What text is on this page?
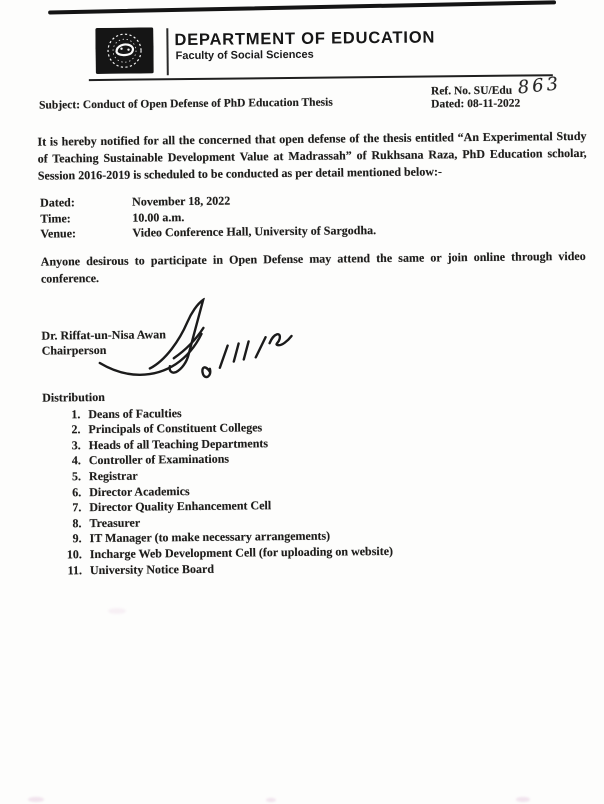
DEPARTMENT OF EDUCATION
Faculty of Social Sciences
Ref. No. SU/Edu 863
Dated: 08-11-2022
Subject: Conduct of Open Defense of PhD Education Thesis
It is hereby notified for all the concerned that open defense of the thesis entitled “An Experimental Study of Teaching Sustainable Development Value at Madrassah” of Rukhsana Raza, PhD Education scholar, Session 2016-2019 is scheduled to be conducted as per detail mentioned below:-
Dated:	November 18, 2022
Time:	10.00 a.m.
Venue:	Video Conference Hall, University of Sargodha.
Anyone desirous to participate in Open Defense may attend the same or join online through video conference.
Dr. Riffat-un-Nisa Awan
Chairperson
Distribution
1. Deans of Faculties
2. Principals of Constituent Colleges
3. Heads of all Teaching Departments
4. Controller of Examinations
5. Registrar
6. Director Academics
7. Director Quality Enhancement Cell
8. Treasurer
9. IT Manager (to make necessary arrangements)
10. Incharge Web Development Cell (for uploading on website)
11. University Notice Board
